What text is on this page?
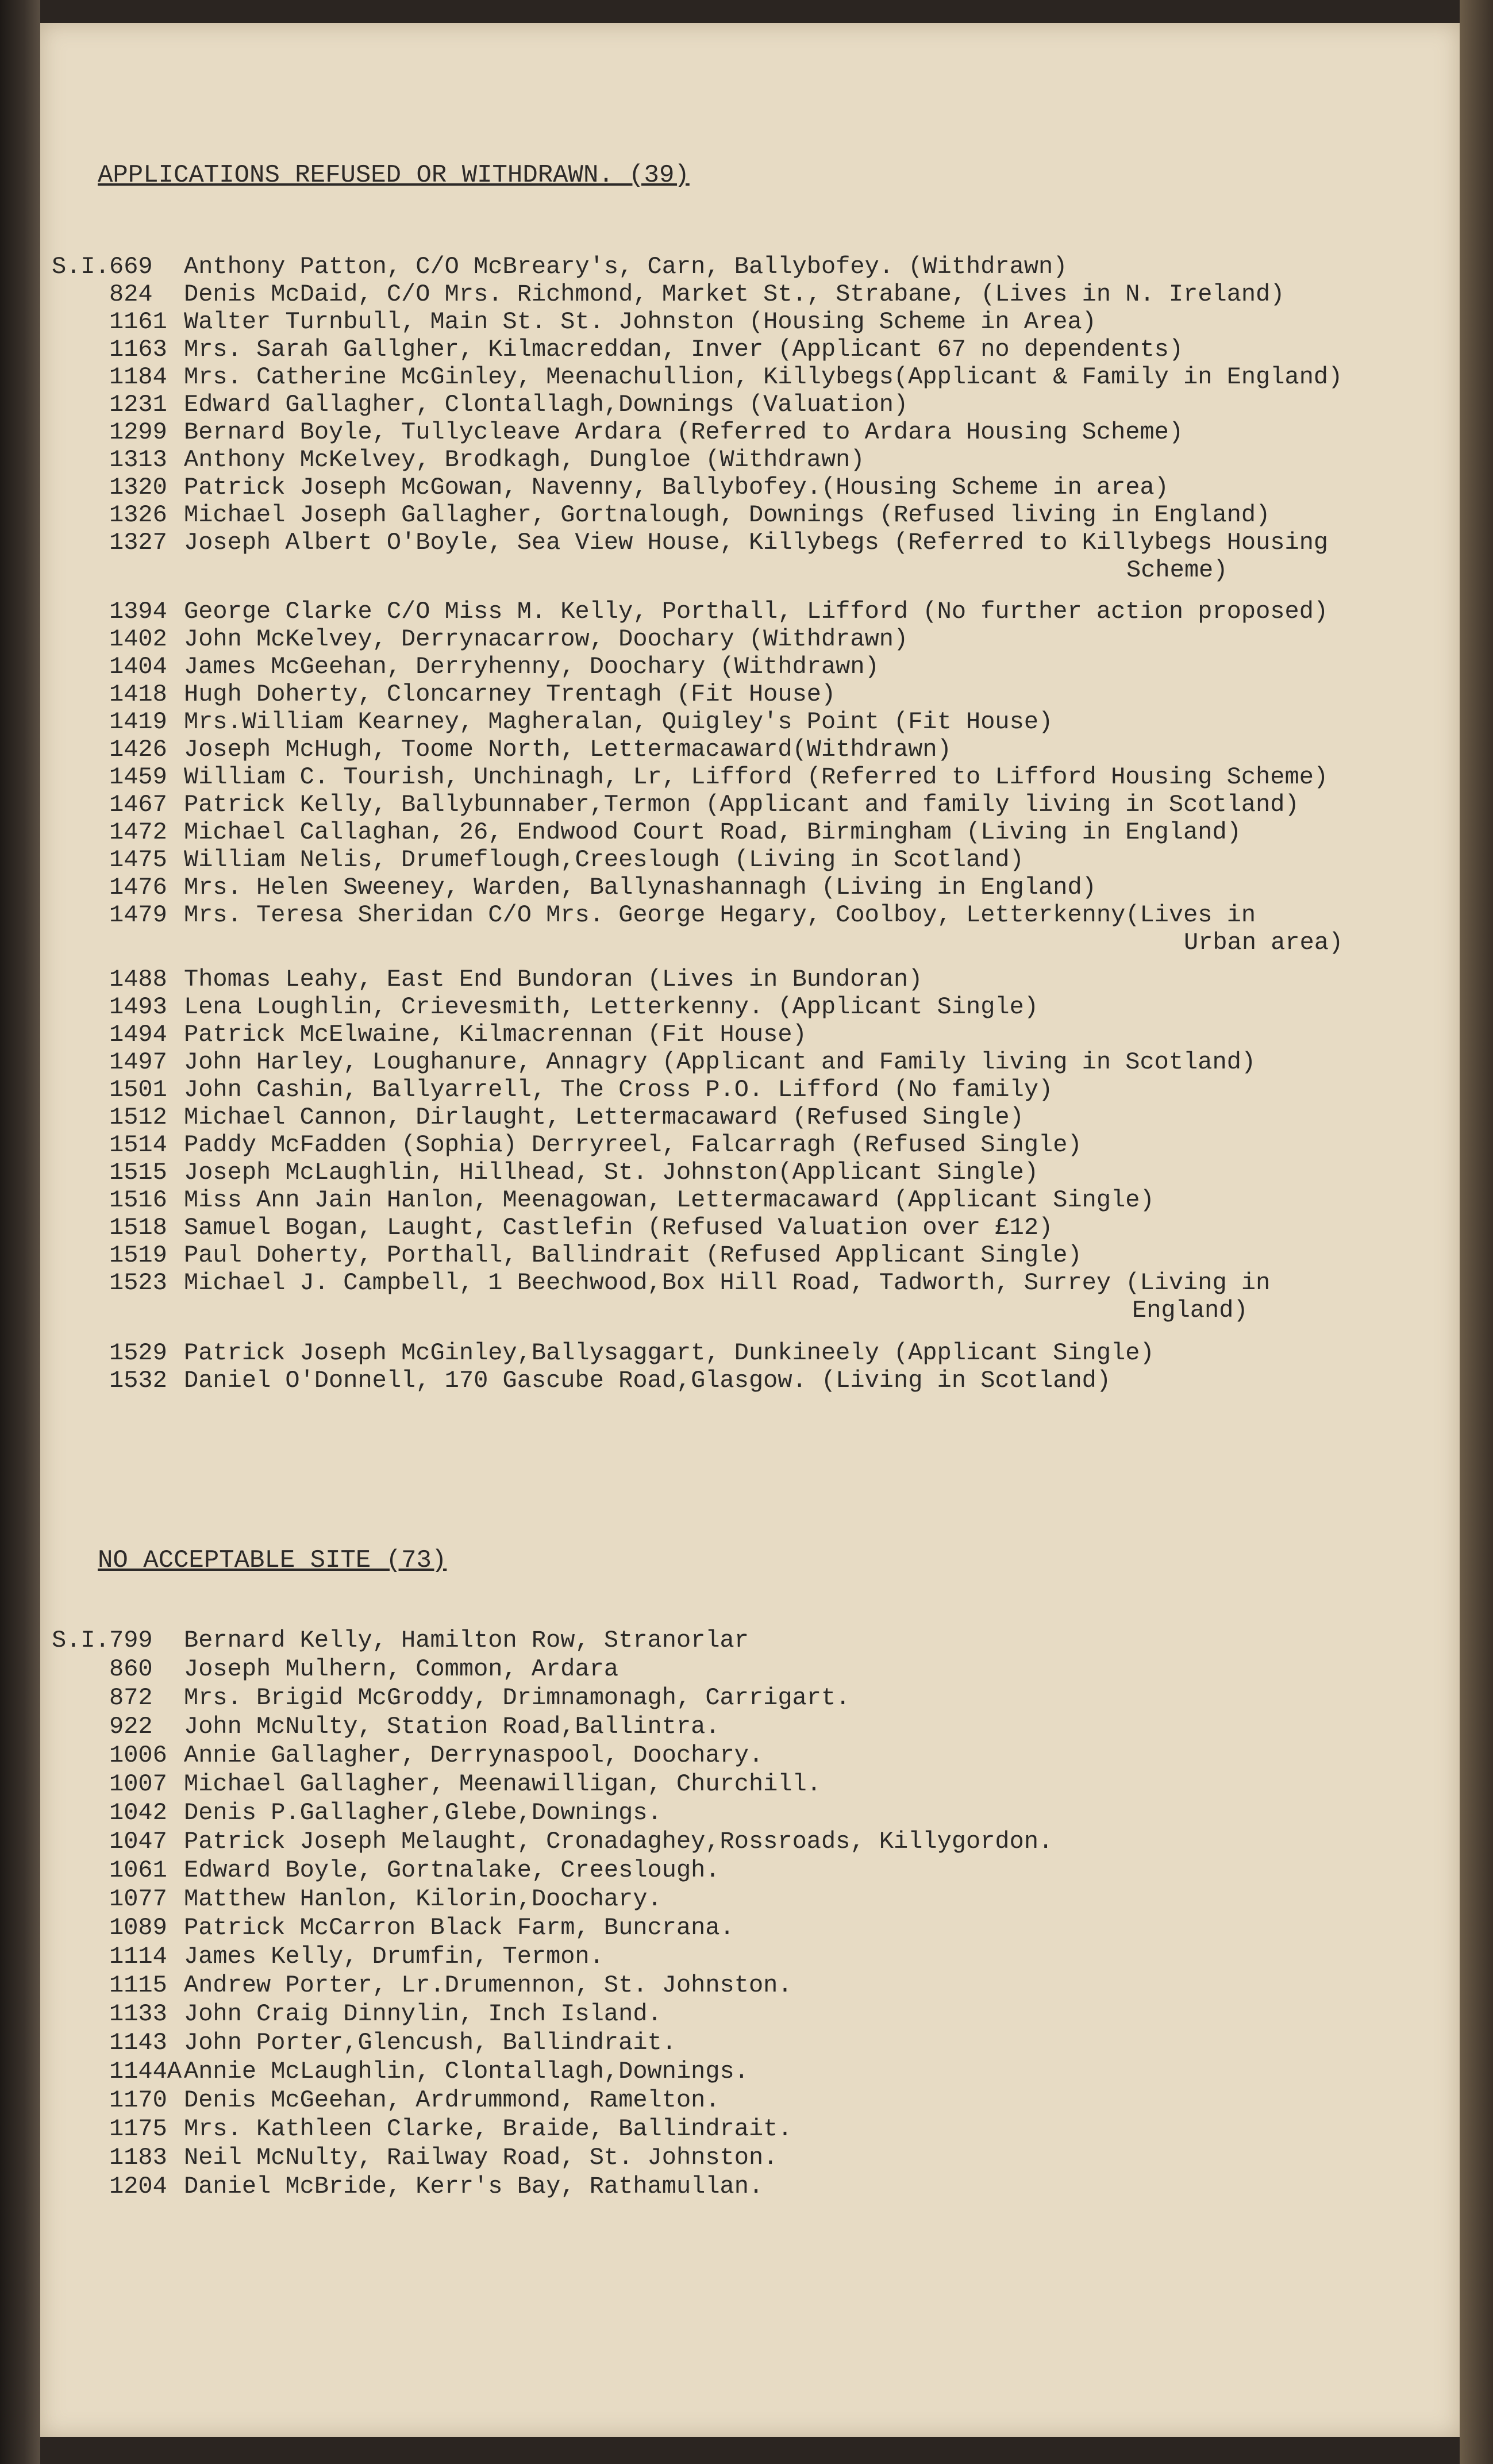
APPLICATIONS REFUSED OR WITHDRAWN. (39)
S.I. 669	Anthony Patton, C/O McBreary's, Carn, Ballybofey. (Withdrawn)
824	Denis McDaid, C/O Mrs. Richmond, Market St., Strabane, (Lives in N. Ireland)
1161 Walter Turnbull, Main St. St. Johnston (Housing Scheme in Area)
1163 Mrs. Sarah Gallgher, Kilmacreddan, Inver (Applicant 67 no dependents)
1184 Mrs. Catherine McGinley, Meenachullion, Killybegs(Applicant & Family in England)
1231 Edward Gallagher, Clontallagh,Downings (Valuation)
1299 Bernard Boyle, Tullycleave Ardara (Referred to Ardara Housing Scheme)
1313 Anthony McKelvey, Brodkagh, Dungloe (Withdrawn)
1320 Patrick Joseph McGowan, Navenny, Ballybofey.(Housing Scheme in area)
1326 Michael Joseph Gallagher, Gortnalough, Downings (Refused living in England)
1327 Joseph Albert O'Boyle, Sea View House, Killybegs (Referred to Killybegs Housing
Scheme)
1394 George Clarke C/O Miss M. Kelly, Porthall, Lifford (No further action proposed)
1402 John McKelvey, Derrynacarrow, Doochary (Withdrawn)
1404 James McGeehan, Derryhenny, Doochary (Withdrawn)
1418 Hugh Doherty, Cloncarney Trentagh (Fit House)
1419 Mrs.William Kearney, Magheralan, Quigley's Point (Fit House)
1426 Joseph McHugh, Toome North, Lettermacaward(Withdrawn)
1459 William C. Tourish, Unchinagh, Lr, Lifford (Referred to Lifford Housing Scheme)
1467 Patrick Kelly, Ballybunnaber,Termon (Applicant and family living in Scotland)
1472 Michael Callaghan, 26, Endwood Court Road, Birmingham (Living in England)
1475 William Nelis, Drumeflough,Creeslough (Living in Scotland)
1476 Mrs. Helen Sweeney, Warden, Ballynashannagh (Living in England)
1479 Mrs. Teresa Sheridan C/O Mrs. George Hegary, Coolboy, Letterkenny(Lives in
Urban area)
1488 Thomas Leahy, East End Bundoran (Lives in Bundoran)
1493 Lena Loughlin, Crievesmith, Letterkenny. (Applicant Single)
1494 Patrick McElwaine, Kilmacrennan (Fit House)
1497 John Harley, Loughanure, Annagry (Applicant and Family living in Scotland)
1501 John Cashin, Ballyarrell, The Cross P.O. Lifford (No family)
1512 Michael Cannon, Dirlaught, Lettermacaward (Refused Single)
1514 Paddy McFadden (Sophia) Derryreel, Falcarragh (Refused Single)
1515 Joseph McLaughlin, Hillhead, St. Johnston(Applicant Single)
1516 Miss Ann Jain Hanlon, Meenagowan, Lettermacaward (Applicant Single)
1518 Samuel Bogan, Laught, Castlefin (Refused Valuation over £12)
1519 Paul Doherty, Porthall, Ballindrait (Refused Applicant Single)
1523 Michael J. Campbell, 1 Beechwood,Box Hill Road, Tadworth, Surrey (Living in
England)
1529 Patrick Joseph McGinley,Ballysaggart, Dunkineely (Applicant Single)
1532 Daniel O'Donnell, 170 Gascube Road,Glasgow. (Living in Scotland)
NO ACCEPTABLE SITE (73)
S.I. 799	Bernard Kelly, Hamilton Row, Stranorlar
860	Joseph Mulhern, Common, Ardara
872	Mrs. Brigid McGroddy, Drimnamonagh, Carrigart.
922	John McNulty, Station Road,Ballintra.
1006 Annie Gallagher, Derrynaspool, Doochary.
1007 Michael Gallagher, Meenawilligan, Churchill.
1042 Denis P.Gallagher,Glebe,Downings.
1047 Patrick Joseph Melaught, Cronadaghey,Rossroads, Killygordon.
1061 Edward Boyle, Gortnalake, Creeslough.
1077 Matthew Hanlon, Kilorin,Doochary.
1089 Patrick McCarron Black Farm, Buncrana.
1114 James Kelly, Drumfin, Termon.
1115 Andrew Porter, Lr.Drumennon, St. Johnston.
1133 John Craig Dinnylin, Inch Island.
1143 John Porter,Glencush, Ballindrait.
1144A Annie McLaughlin, Clontallagh,Downings.
1170 Denis McGeehan, Ardrummond, Ramelton.
1175 Mrs. Kathleen Clarke, Braide, Ballindrait.
1183 Neil McNulty, Railway Road, St. Johnston.
1204 Daniel McBride, Kerr's Bay, Rathamullan.
